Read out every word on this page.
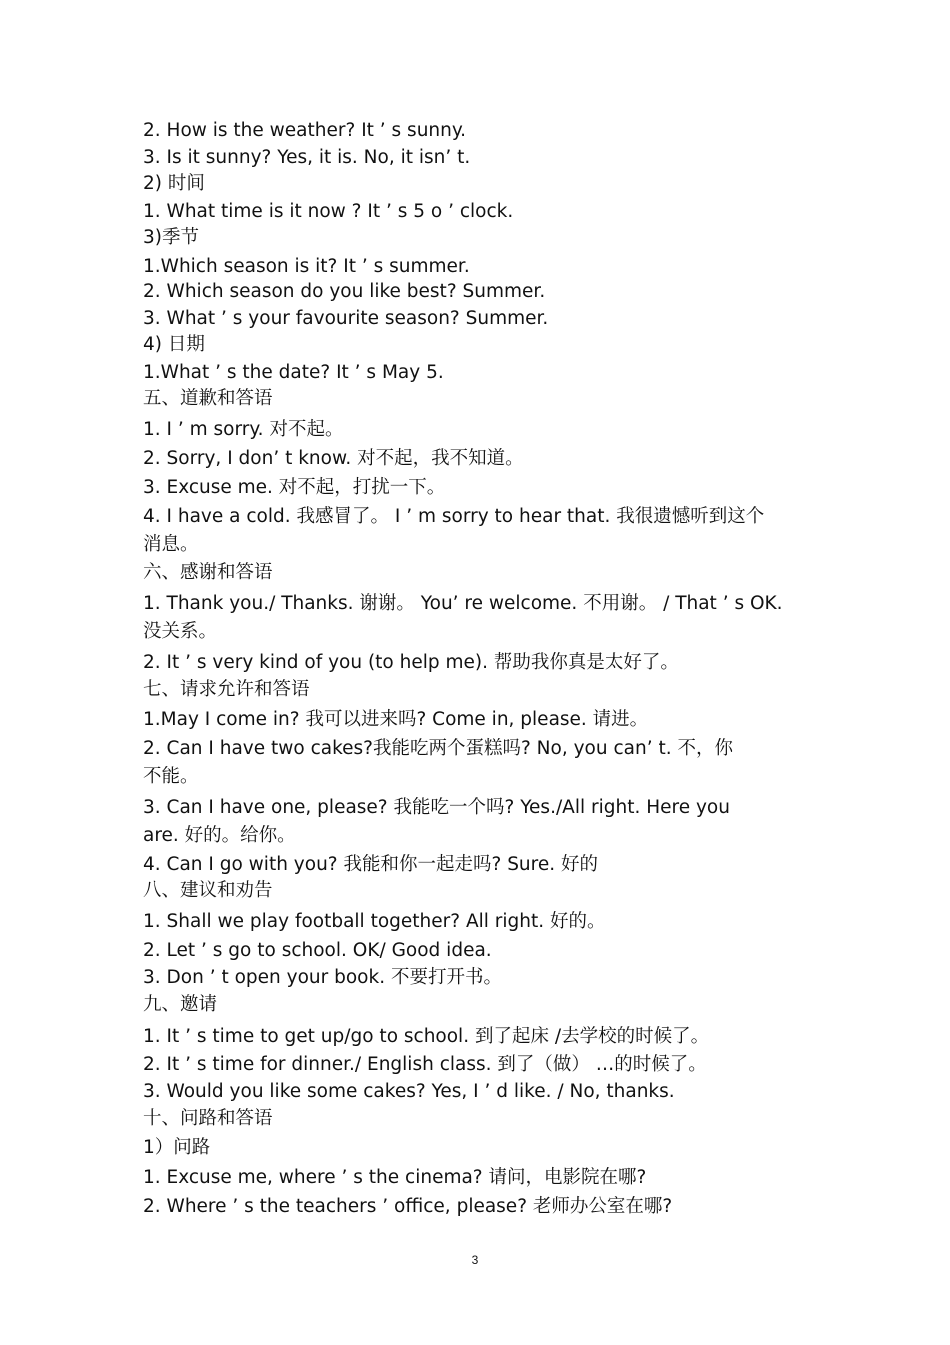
2. How is the weather? It ’ s sunny.
3. Is it sunny? Yes, it is. No, it isn’ t.
2) 时间
1. What time is it now ? It ’ s 5 o ’ clock.
3)季节
1.Which season is it? It ’ s summer.
2. Which season do you like best? Summer.
3. What ’ s your favourite season? Summer.
4) 日期
1.What ’ s the date? It ’ s May 5.
五、道歉和答语
1. I ’ m sorry. 对不起。
2. Sorry, I don’ t know. 对不起，我不知道。
3. Excuse me. 对不起，打扰一下。
4. I have a cold. 我感冒了。 I ’ m sorry to hear that. 我很遗憾听到这个
消息。
六、感谢和答语
1. Thank you./ Thanks. 谢谢。 You’ re welcome. 不用谢。 / That ’ s OK.
没关系。
2. It ’ s very kind of you (to help me). 帮助我你真是太好了。
七、请求允许和答语
1.May I come in? 我可以进来吗? Come in, please. 请进。
2. Can I have two cakes?我能吃两个蛋糕吗? No, you can’ t. 不，你
不能。
3. Can I have one, please? 我能吃一个吗? Yes./All right. Here you
are. 好的。给你。
4. Can I go with you? 我能和你一起走吗? Sure. 好的
八、建议和劝告
1. Shall we play football together? All right. 好的。
2. Let ’ s go to school. OK/ Good idea.
3. Don ’ t open your book. 不要打开书。
九、邀请
1. It ’ s time to get up/go to school. 到了起床 /去学校的时候了。
2. It ’ s time for dinner./ English class. 到了（做） …的时候了。
3. Would you like some cakes? Yes, I ’ d like. / No, thanks.
十、问路和答语
1）问路
1. Excuse me, where ’ s the cinema? 请问，电影院在哪?
2. Where ’ s the teachers ’ office, please? 老师办公室在哪?
3
